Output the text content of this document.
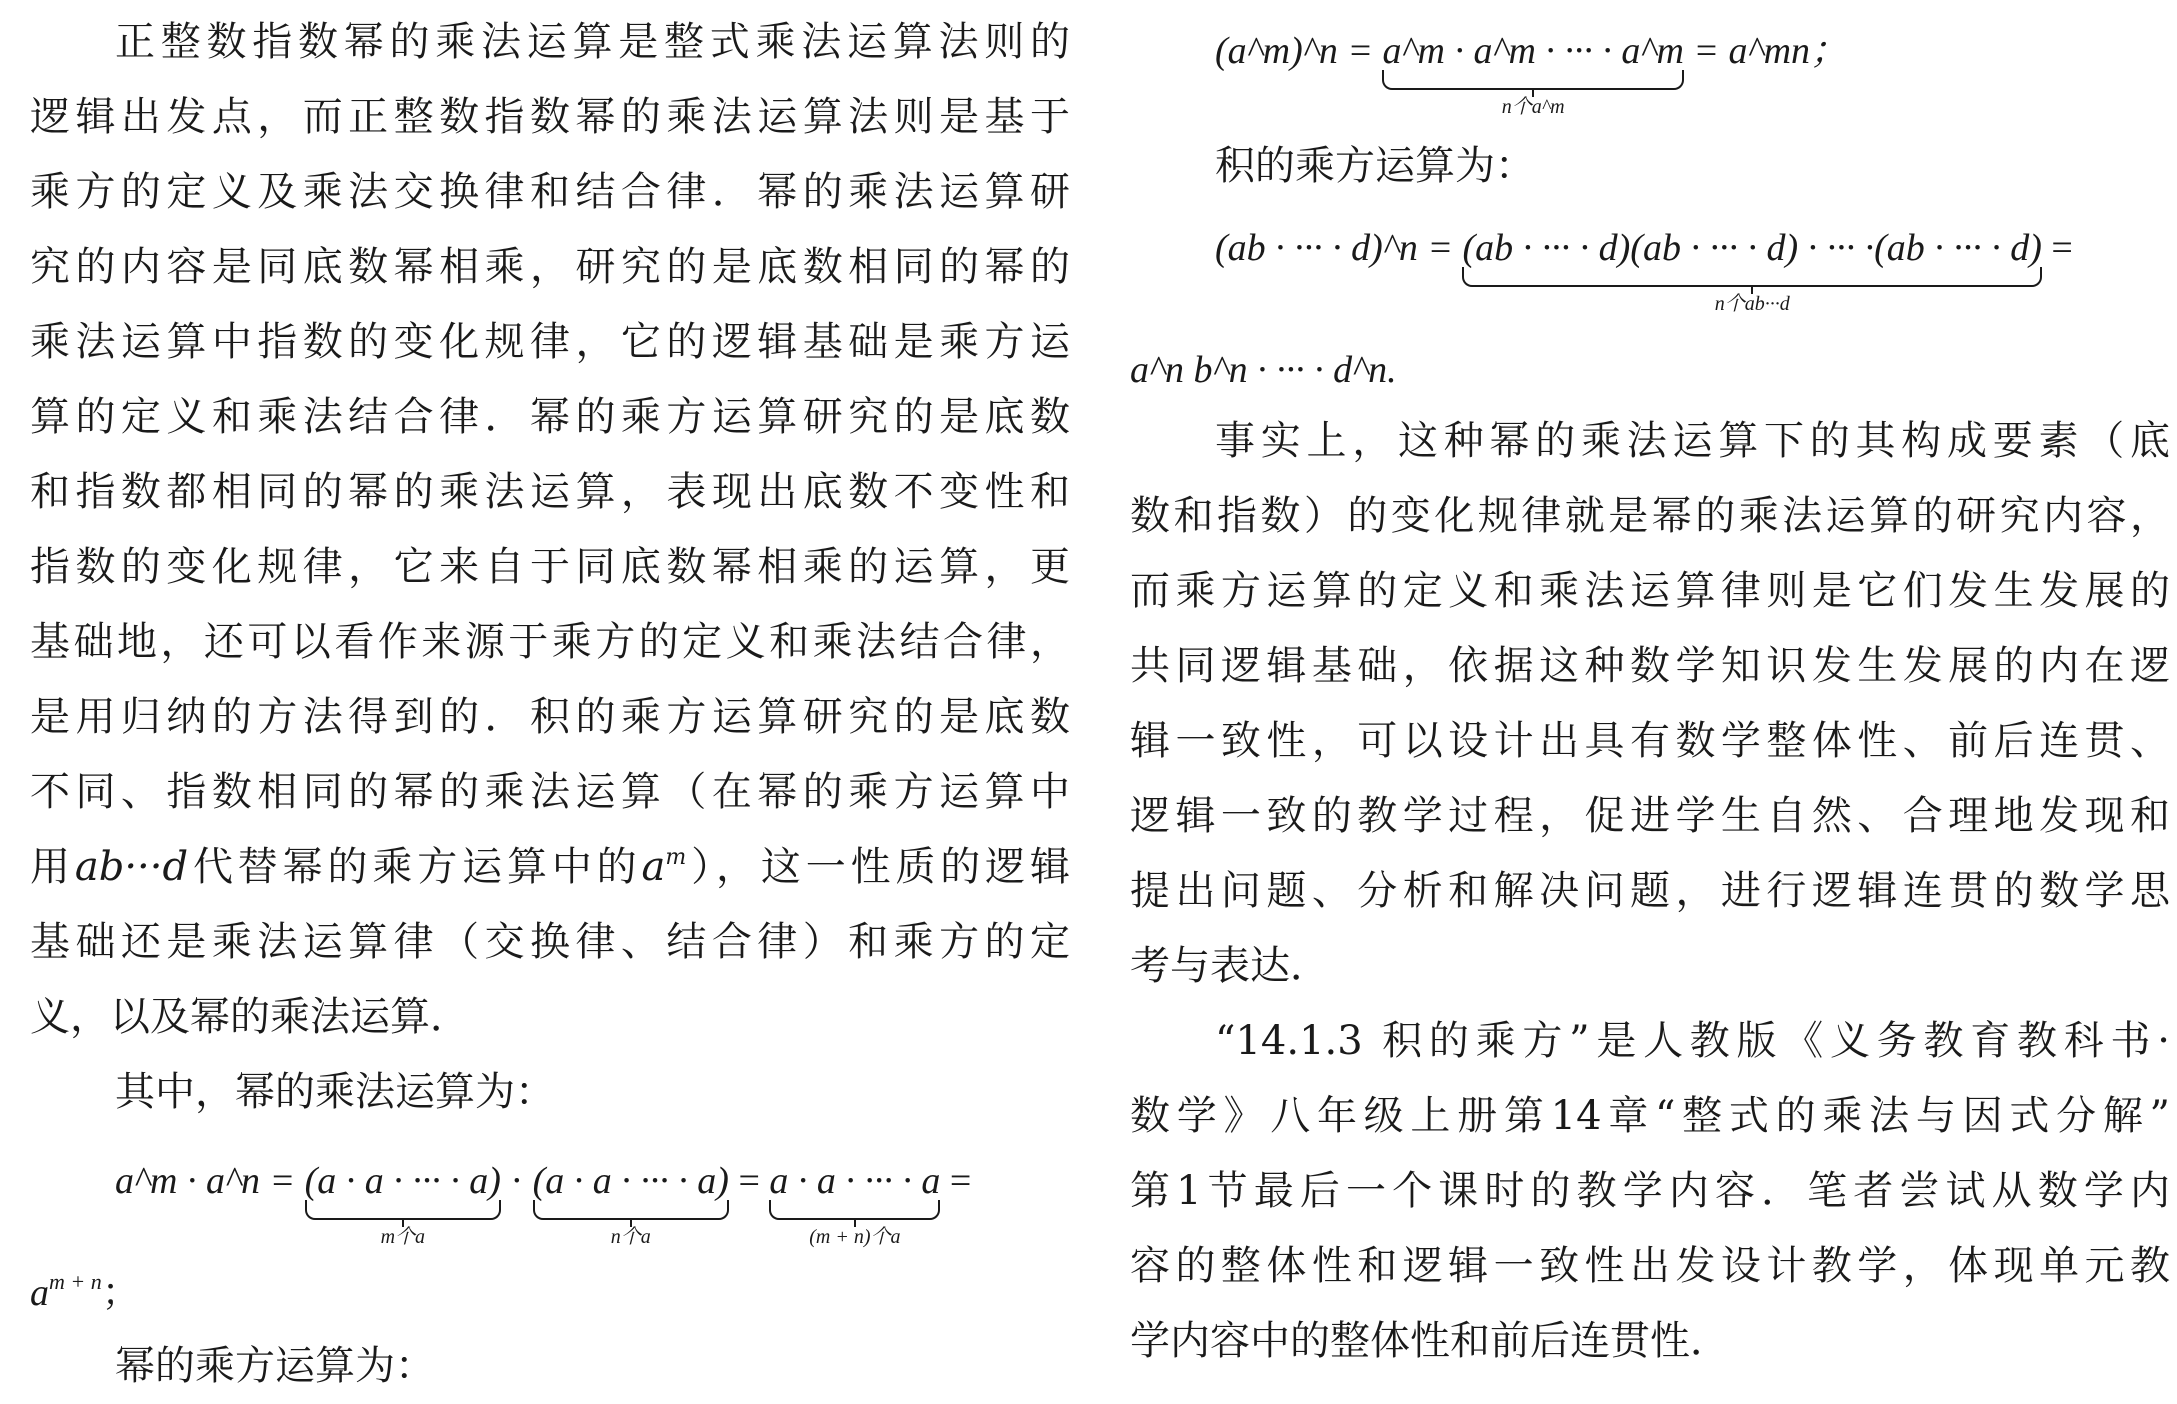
正整数指数幂的乘法运算是整式乘法运算法则的
逻辑出发点，而正整数指数幂的乘法运算法则是基于
乘方的定义及乘法交换律和结合律．幂的乘法运算研
究的内容是同底数幂相乘，研究的是底数相同的幂的
乘法运算中指数的变化规律，它的逻辑基础是乘方运
算的定义和乘法结合律．幂的乘方运算研究的是底数
和指数都相同的幂的乘法运算，表现出底数不变性和
指数的变化规律，它来自于同底数幂相乘的运算，更
基础地，还可以看作来源于乘方的定义和乘法结合律，
是用归纳的方法得到的．积的乘方运算研究的是底数
不同、指数相同的幂的乘法运算（在幂的乘方运算中
用ab···d代替幂的乘方运算中的$a^m$），这一性质的逻辑
基础还是乘法运算律（交换律、结合律）和乘方的定
义，以及幂的乘法运算．
其中，幂的乘法运算为：
a^m · a^n = (a · a · ··· · a)
m个a
· (a · a · ··· · a)
n个a
= a · a · ··· · a
(m + n)个a
=
$a^{m + n}$；
幂的乘方运算为：
(a^m)^n = a^m · a^m · ··· · a^m
n个a^m
= a^mn；
积的乘方运算为：
(ab · ··· · d)^n = (ab · ··· · d)(ab · ··· · d) · ··· ·(ab · ··· · d)
n个ab···d
=
a^n b^n · ··· · d^n.
事实上，这种幂的乘法运算下的其构成要素（底
数和指数）的变化规律就是幂的乘法运算的研究内容，
而乘方运算的定义和乘法运算律则是它们发生发展的
共同逻辑基础，依据这种数学知识发生发展的内在逻
辑一致性，可以设计出具有数学整体性、前后连贯、
逻辑一致的教学过程，促进学生自然、合理地发现和
提出问题、分析和解决问题，进行逻辑连贯的数学思
考与表达．
“14.1.3 积的乘方”是人教版《义务教育教科书·
数学》八年级上册第14章“整式的乘法与因式分解”
第1节最后一个课时的教学内容．笔者尝试从数学内
容的整体性和逻辑一致性出发设计教学，体现单元教
学内容中的整体性和前后连贯性．
